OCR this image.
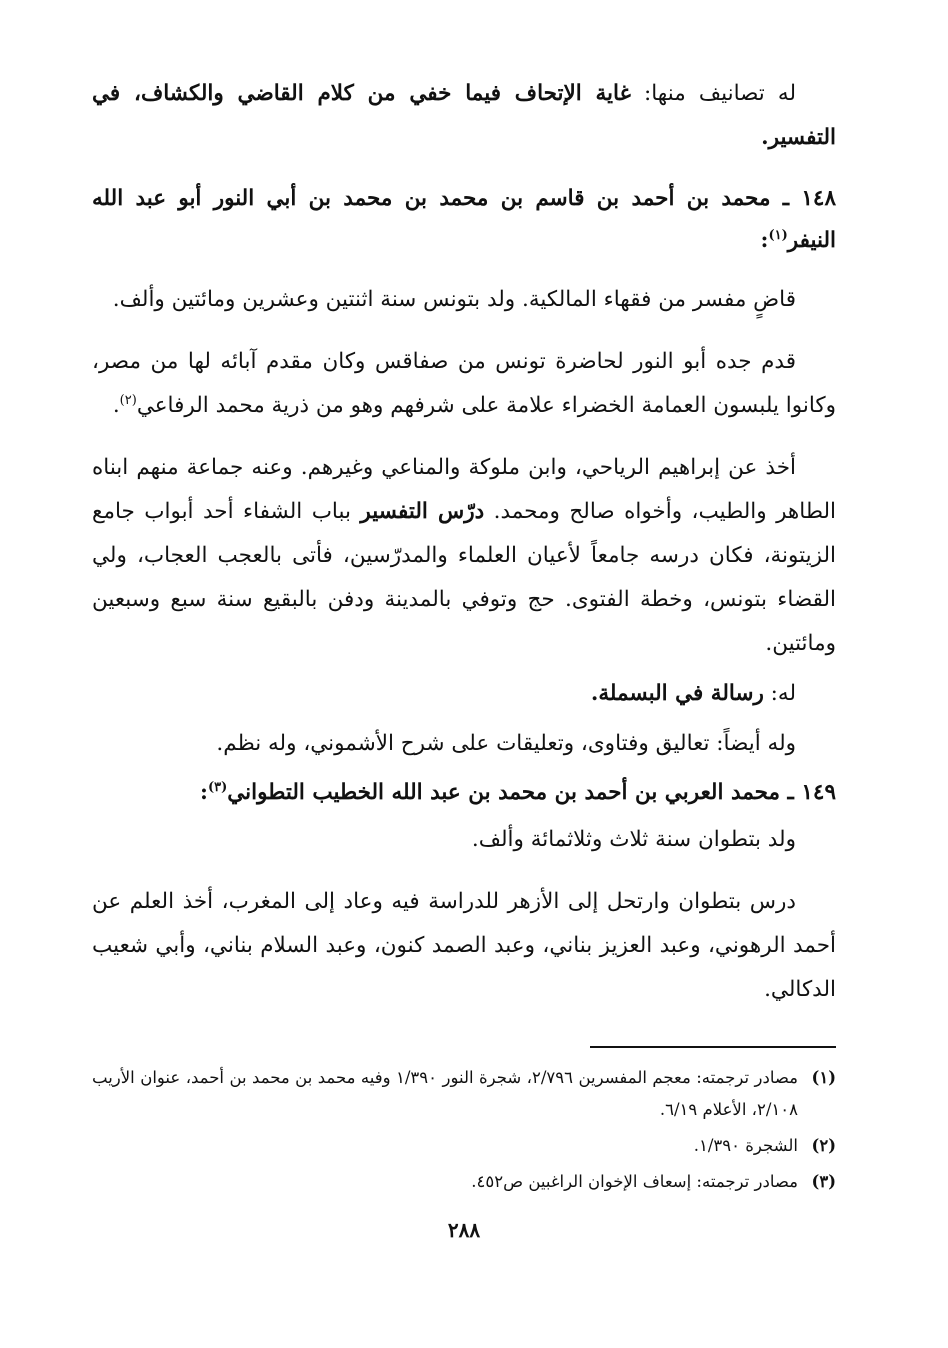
له تصانيف منها: غاية الإتحاف فيما خفي من كلام القاضي والكشاف، في التفسير.

١٤٨ ـ محمد بن أحمد بن قاسم بن محمد بن محمد بن أبي النور أبو عبد الله النيفر$^{(١)}$:

قاضٍ مفسر من فقهاء المالكية. ولد بتونس سنة اثنتين وعشرين ومائتين وألف.

قدم جده أبو النور لحاضرة تونس من صفاقس وكان مقدم آبائه لها من مصر، وكانوا يلبسون العمامة الخضراء علامة على شرفهم وهو من ذرية محمد الرفاعي$^{(٢)}$.

أخذ عن إبراهيم الرياحي، وابن ملوكة والمناعي وغيرهم. وعنه جماعة منهم ابناه الطاهر والطيب، وأخواه صالح ومحمد. درّس التفسير بباب الشفاء أحد أبواب جامع الزيتونة، فكان درسه جامعاً لأعيان العلماء والمدرّسين، فأتى بالعجب العجاب، ولي القضاء بتونس، وخطة الفتوى. حج وتوفي بالمدينة ودفن بالبقيع سنة سبع وسبعين ومائتين.

له: رسالة في البسملة.

وله أيضاً: تعاليق وفتاوى، وتعليقات على شرح الأشموني، وله نظم.

١٤٩ ـ محمد العربي بن أحمد بن محمد بن عبد الله الخطيب التطواني$^{(٣)}$:

ولد بتطوان سنة ثلاث وثلاثمائة وألف.

درس بتطوان وارتحل إلى الأزهر للدراسة فيه وعاد إلى المغرب، أخذ العلم عن أحمد الرهوني، وعبد العزيز بناني، وعبد الصمد كنون، وعبد السلام بناني، وأبي شعيب الدكالي.

(١)
مصادر ترجمته: معجم المفسرين ٢/٧٩٦، شجرة النور ١/٣٩٠ وفيه محمد بن محمد بن أحمد، عنوان الأريب ٢/١٠٨، الأعلام ٦/١٩.
(٢)
الشجرة ١/٣٩٠.
(٣)
مصادر ترجمته: إسعاف الإخوان الراغبين ص٤٥٢.
٢٨٨
